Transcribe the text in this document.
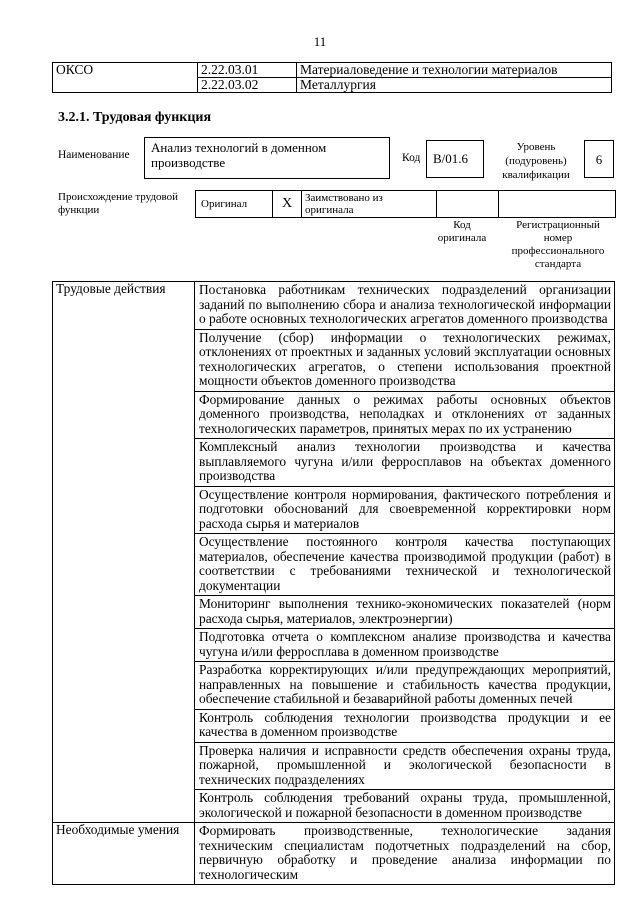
11
ОКСО	2.22.03.01	Материаловедение и технологии материалов
	2.22.03.02	Металлургия
3.2.1. Трудовая функция
Наименование	Анализ технологий в доменном производстве	Код B/01.6
Уровень (подуровень) квалификации
6
Происхождение трудовой функции	Оригинал	X	Заимствовано из оригинала		
Код оригинала
Регистрационный номер профессионального стандарта
Трудовые действия	Постановка работникам технических подразделений организации заданий по выполнению сбора и анализа технологической информации о работе основных технологических агрегатов доменного производства
	Получение (сбор) информации о технологических режимах, отклонениях от проектных и заданных условий эксплуатации основных технологических агрегатов, о степени использования проектной мощности объектов доменного производства
	Формирование данных о режимах работы основных объектов доменного производства, неполадках и отклонениях от заданных технологических параметров, принятых мерах по их устранению
	Комплексный анализ технологии производства и качества выплавляемого чугуна и/или ферросплавов на объектах доменного производства
	Осуществление контроля нормирования, фактического потребления и подготовки обоснований для своевременной корректировки норм расхода сырья и материалов
	Осуществление постоянного контроля качества поступающих материалов, обеспечение качества производимой продукции (работ) в соответствии с требованиями технической и технологической документации
	Мониторинг выполнения технико-экономических показателей (норм расхода сырья, материалов, электроэнергии)
	Подготовка отчета о комплексном анализе производства и качества чугуна и/или ферросплава в доменном производстве
	Разработка корректирующих и/или предупреждающих мероприятий, направленных на повышение и стабильность качества продукции, обеспечение стабильной и безаварийной работы доменных печей
	Контроль соблюдения технологии производства продукции и ее качества в доменном производстве
	Проверка наличия и исправности средств обеспечения охраны труда, пожарной, промышленной и экологической безопасности в технических подразделениях
	Контроль соблюдения требований охраны труда, промышленной, экологической и пожарной безопасности в доменном производстве
Необходимые умения	Формировать производственные, технологические задания техническим специалистам подотчетных подразделений на сбор, первичную обработку и проведение анализа информации по технологическим
